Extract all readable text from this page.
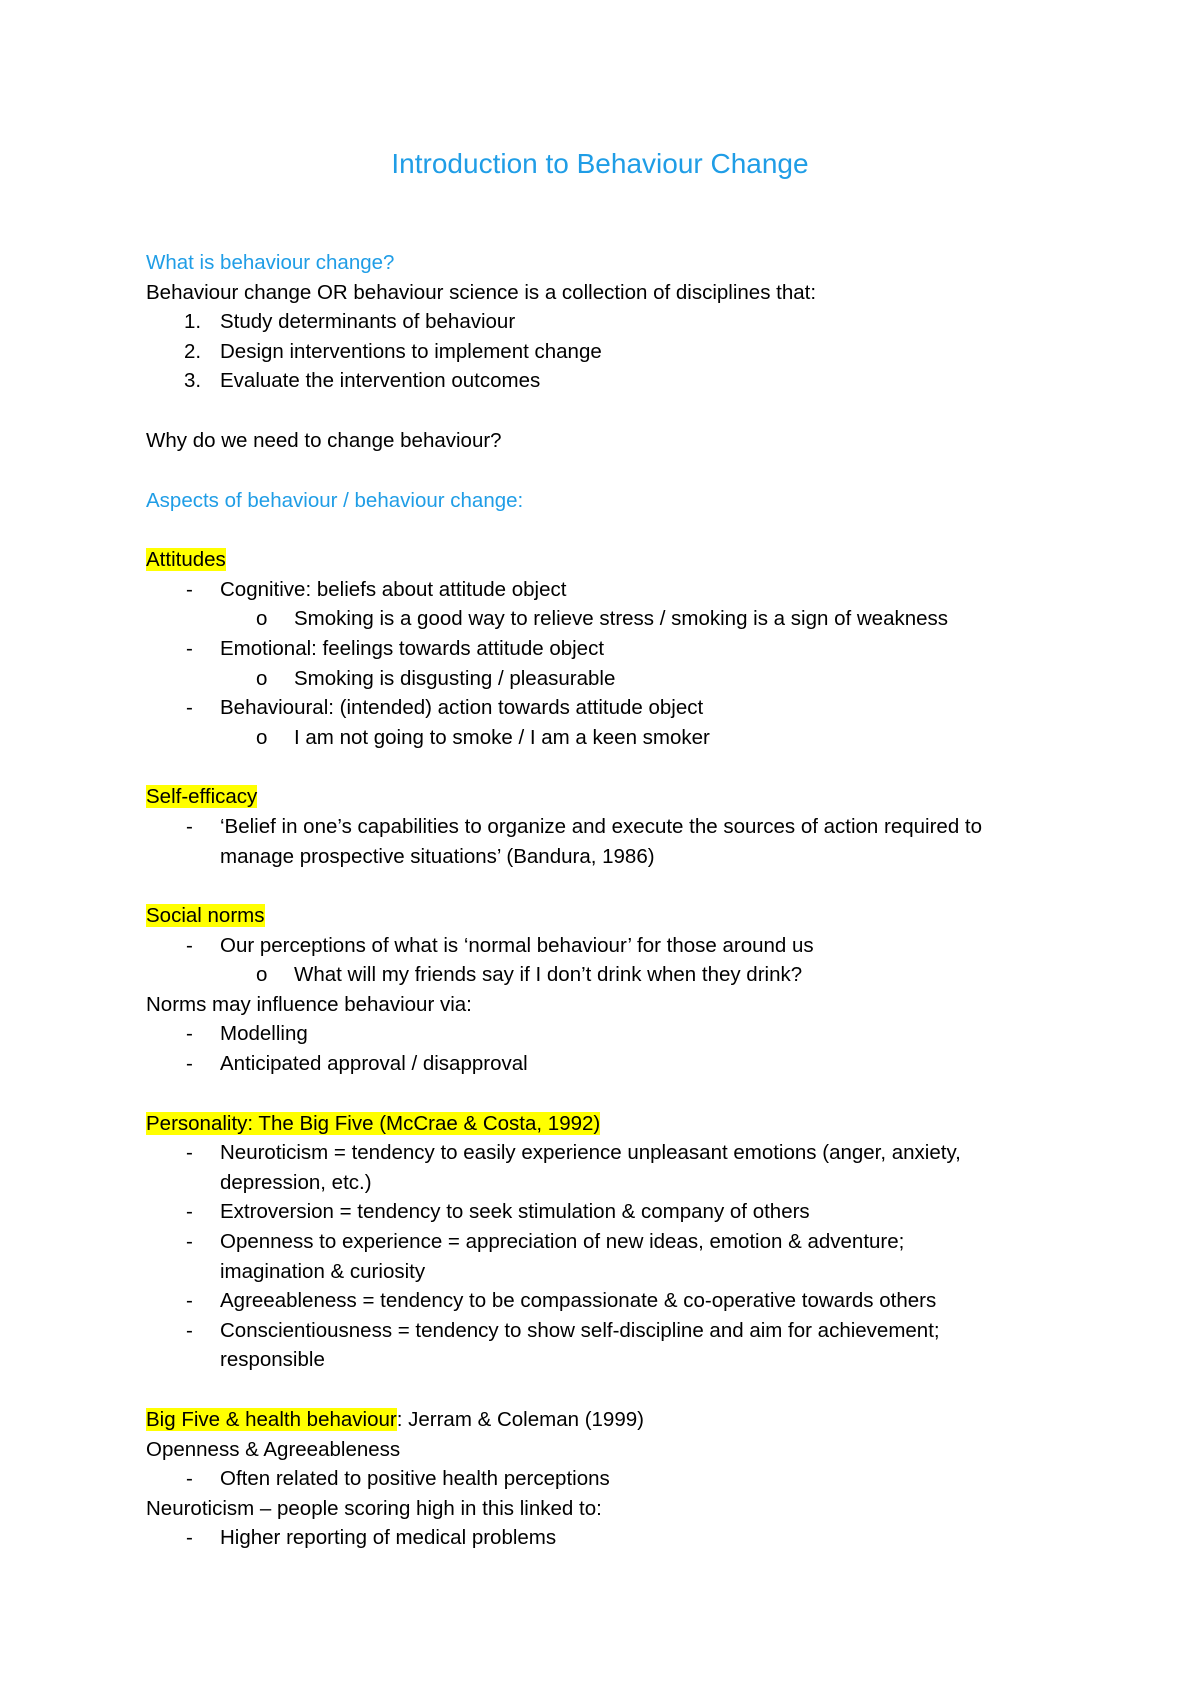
Introduction to Behaviour Change
What is behaviour change?
Behaviour change OR behaviour science is a collection of disciplines that:
1. Study determinants of behaviour
2. Design interventions to implement change
3. Evaluate the intervention outcomes
Why do we need to change behaviour?
Aspects of behaviour / behaviour change:
Attitudes
- Cognitive: beliefs about attitude object
o Smoking is a good way to relieve stress / smoking is a sign of weakness
- Emotional: feelings towards attitude object
o Smoking is disgusting / pleasurable
- Behavioural: (intended) action towards attitude object
o I am not going to smoke / I am a keen smoker
Self-efficacy
- ‘Belief in one’s capabilities to organize and execute the sources of action required to
manage prospective situations’ (Bandura, 1986)
Social norms
- Our perceptions of what is ‘normal behaviour’ for those around us
o What will my friends say if I don’t drink when they drink?
Norms may influence behaviour via:
- Modelling
- Anticipated approval / disapproval
Personality: The Big Five (McCrae & Costa, 1992)
- Neuroticism = tendency to easily experience unpleasant emotions (anger, anxiety,
depression, etc.)
- Extroversion = tendency to seek stimulation & company of others
- Openness to experience = appreciation of new ideas, emotion & adventure;
imagination & curiosity
- Agreeableness = tendency to be compassionate & co-operative towards others
- Conscientiousness = tendency to show self-discipline and aim for achievement;
responsible
Big Five & health behaviour: Jerram & Coleman (1999)
Openness & Agreeableness
- Often related to positive health perceptions
Neuroticism – people scoring high in this linked to:
- Higher reporting of medical problems
